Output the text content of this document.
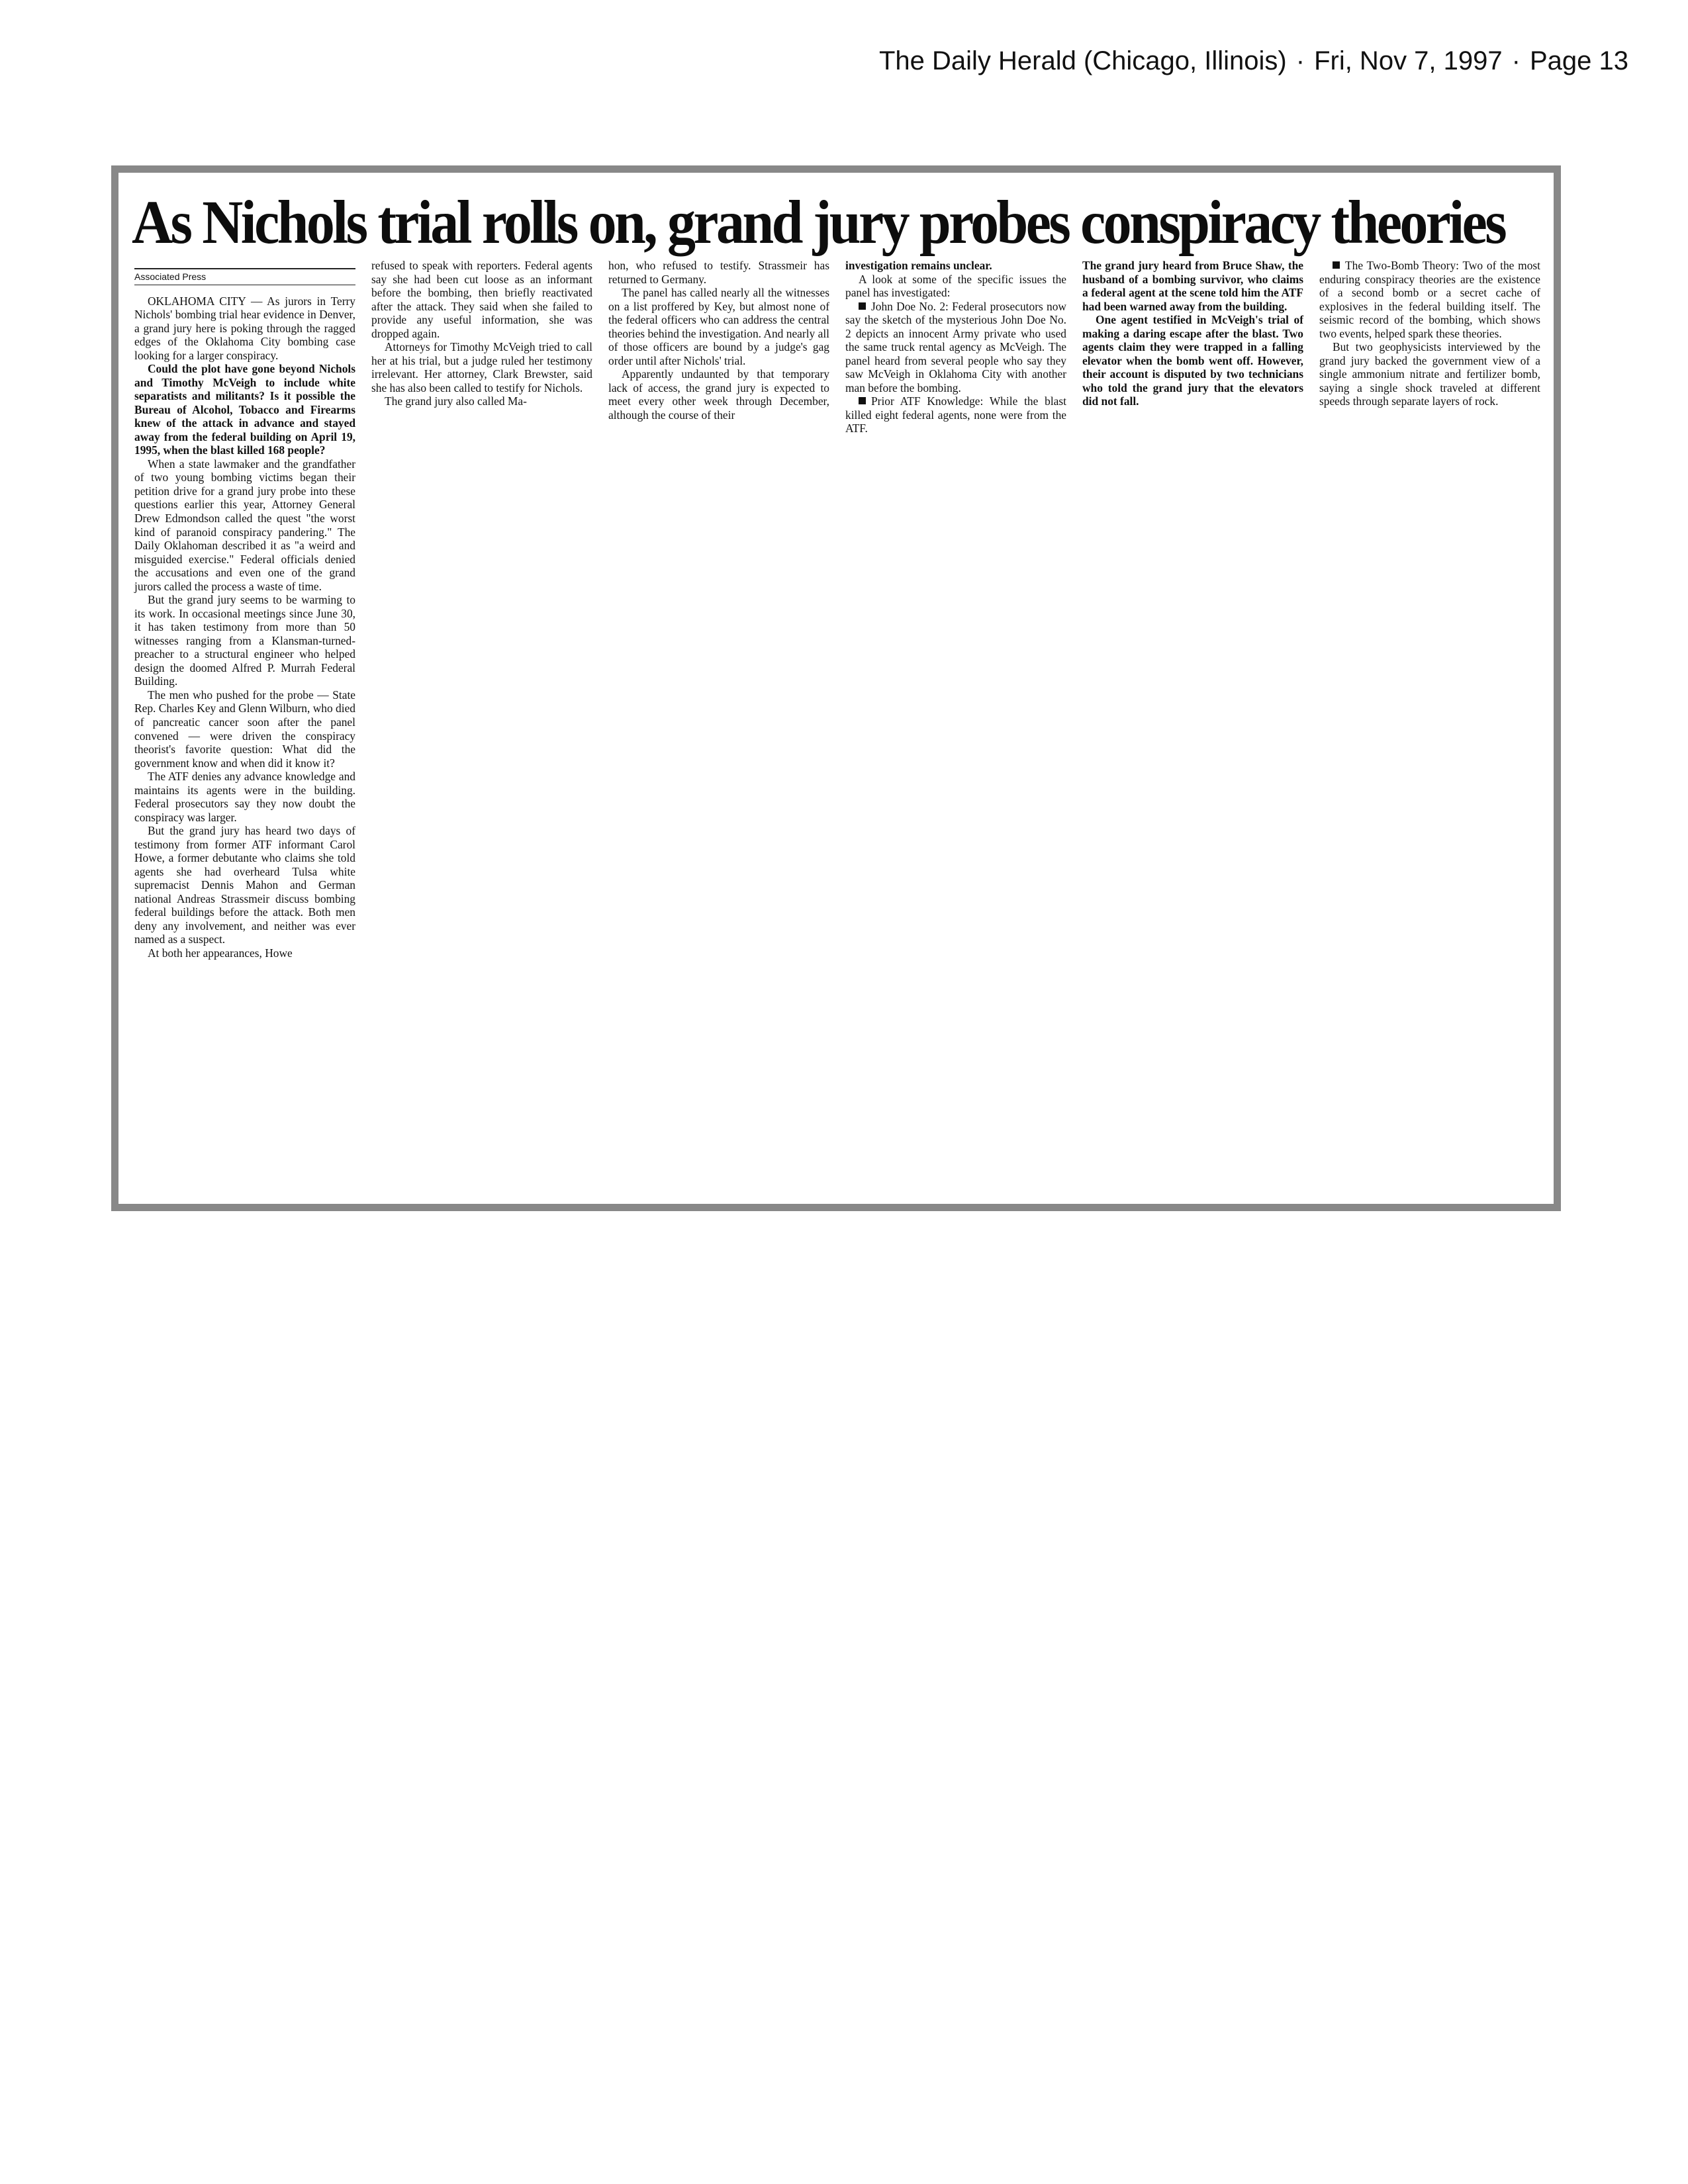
The Daily Herald (Chicago, Illinois) · Fri, Nov 7, 1997 · Page 13
As Nichols trial rolls on, grand jury probes conspiracy theories
Associated Press

OKLAHOMA CITY — As jurors in Terry Nichols' bombing trial hear evidence in Denver, a grand jury here is poking through the ragged edges of the Oklahoma City bombing case looking for a larger conspiracy.

Could the plot have gone beyond Nichols and Timothy McVeigh to include white separatists and militants? Is it possible the Bureau of Alcohol, Tobacco and Firearms knew of the attack in advance and stayed away from the federal building on April 19, 1995, when the blast killed 168 people?

When a state lawmaker and the grandfather of two young bombing victims began their petition drive for a grand jury probe into these questions earlier this year, Attorney General Drew Edmondson called the quest "the worst kind of paranoid conspiracy pandering." The Daily Oklahoman described it as "a weird and misguided exercise." Federal officials denied the accusations and even one of the grand jurors called the process a waste of time.

But the grand jury seems to be warming to its work. In occasional meetings since June 30, it has taken testimony from more than 50 witnesses ranging from a Klansman-turned-preacher to a structural engineer who helped design the doomed Alfred P. Murrah Federal Building.

The men who pushed for the probe — State Rep. Charles Key and Glenn Wilburn, who died of pancreatic cancer soon after the panel convened — were driven the conspiracy theorist's favorite question: What did the government know and when did it know it?

The ATF denies any advance knowledge and maintains its agents were in the building. Federal prosecutors say they now doubt the conspiracy was larger.

But the grand jury has heard two days of testimony from former ATF informant Carol Howe, a former debutante who claims she told agents she had overheard Tulsa white supremacist Dennis Mahon and German national Andreas Strassmeir discuss bombing federal buildings before the attack. Both men deny any involvement, and neither was ever named as a suspect.

At both her appearances, Howe

refused to speak with reporters. Federal agents say she had been cut loose as an informant before the bombing, then briefly reactivated after the attack. They said when she failed to provide any useful information, she was dropped again.

Attorneys for Timothy McVeigh tried to call her at his trial, but a judge ruled her testimony irrelevant. Her attorney, Clark Brewster, said she has also been called to testify for Nichols.

The grand jury also called Ma-

hon, who refused to testify. Strassmeir has returned to Germany.

The panel has called nearly all the witnesses on a list proffered by Key, but almost none of the federal officers who can address the central theories behind the investigation. And nearly all of those officers are bound by a judge's gag order until after Nichols' trial.

Apparently undaunted by that temporary lack of access, the grand jury is expected to meet every other week through December, although the course of their

investigation remains unclear.

A look at some of the specific issues the panel has investigated:

John Doe No. 2: Federal prosecutors now say the sketch of the mysterious John Doe No. 2 depicts an innocent Army private who used the same truck rental agency as McVeigh. The panel heard from several people who say they saw McVeigh in Oklahoma City with another man before the bombing.

Prior ATF Knowledge: While the blast killed eight federal agents, none were from the ATF.

The grand jury heard from Bruce Shaw, the husband of a bombing survivor, who claims a federal agent at the scene told him the ATF had been warned away from the building.

One agent testified in McVeigh's trial of making a daring escape after the blast. Two agents claim they were trapped in a falling elevator when the bomb went off. However, their account is disputed by two technicians who told the grand jury that the elevators did not fall.

The Two-Bomb Theory: Two of the most enduring conspiracy theories are the existence of a second bomb or a secret cache of explosives in the federal building itself. The seismic record of the bombing, which shows two events, helped spark these theories.

But two geophysicists interviewed by the grand jury backed the government view of a single ammonium nitrate and fertilizer bomb, saying a single shock traveled at different speeds through separate layers of rock.
